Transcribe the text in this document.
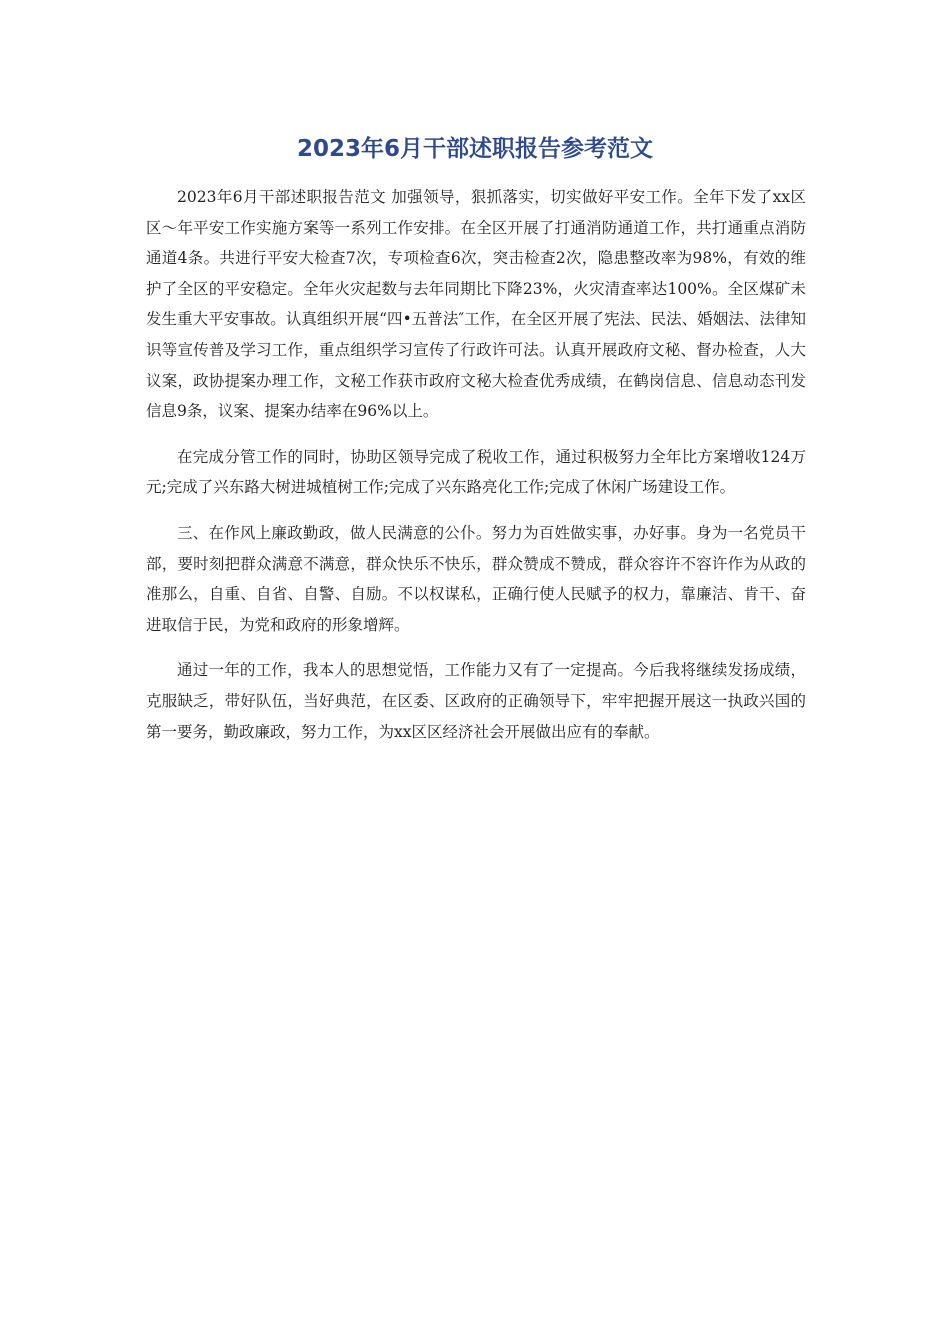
2023年6月干部述职报告参考范文

2023年6月干部述职报告范文 加强领导，狠抓落实，切实做好平安工作。全年下发了xx区区～年平安工作实施方案等一系列工作安排。在全区开展了打通消防通道工作，共打通重点消防通道4条。共进行平安大检查7次，专项检查6次，突击检查2次，隐患整改率为98%，有效的维护了全区的平安稳定。全年火灾起数与去年同期比下降23%，火灾清查率达100%。全区煤矿未发生重大平安事故。认真组织开展“四•五普法″工作，在全区开展了宪法、民法、婚姻法、法律知识等宣传普及学习工作，重点组织学习宣传了行政许可法。认真开展政府文秘、督办检查，人大议案，政协提案办理工作，文秘工作获市政府文秘大检查优秀成绩，在鹤岗信息、信息动态刊发信息9条，议案、提案办结率在96%以上。

在完成分管工作的同时，协助区领导完成了税收工作，通过积极努力全年比方案增收124万元;完成了兴东路大树进城植树工作;完成了兴东路亮化工作;完成了休闲广场建设工作。

三、在作风上廉政勤政，做人民满意的公仆。努力为百姓做实事，办好事。身为一名党员干部，要时刻把群众满意不满意，群众快乐不快乐，群众赞成不赞成，群众容许不容许作为从政的准那么，自重、自省、自警、自励。不以权谋私，正确行使人民赋予的权力，靠廉洁、肯干、奋进取信于民，为党和政府的形象增辉。

通过一年的工作，我本人的思想觉悟，工作能力又有了一定提高。今后我将继续发扬成绩，克服缺乏，带好队伍，当好典范，在区委、区政府的正确领导下，牢牢把握开展这一执政兴国的第一要务，勤政廉政，努力工作，为xx区区经济社会开展做出应有的奉献。
